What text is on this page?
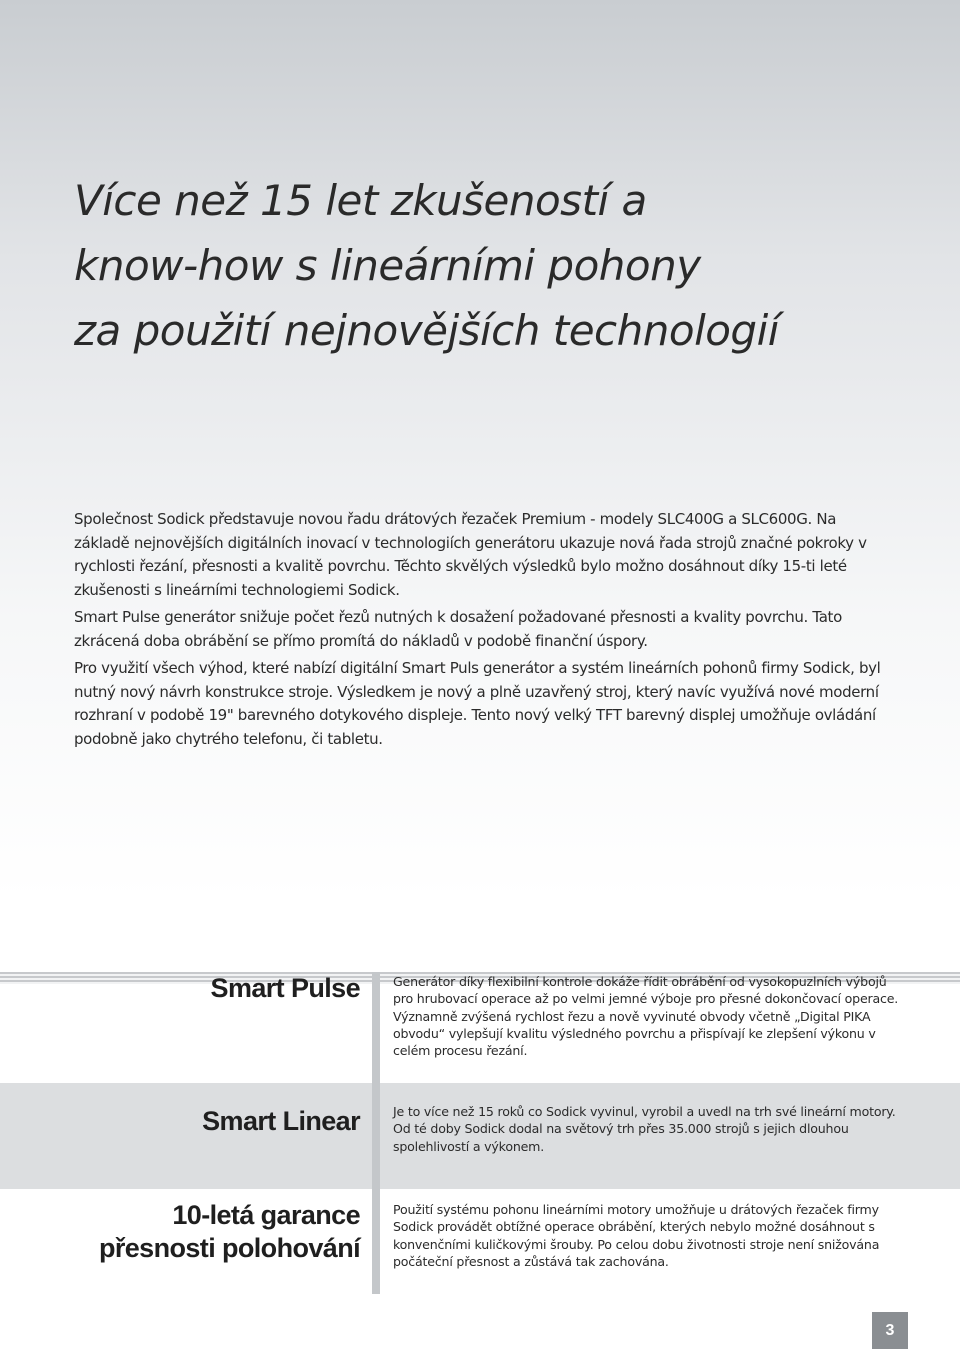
Více než 15 let zkušeností a
know-how s lineárními pohony
za použití nejnovějších technologií

Společnost Sodick představuje novou řadu drátových řezaček Premium - modely SLC400G a SLC600G. Na základě nejnovějších digitálních inovací v technologiích generátoru ukazuje nová řada strojů značné pokroky v rychlosti řezání, přesnosti a kvalitě povrchu. Těchto skvělých výsledků bylo možno dosáhnout díky 15-ti leté zkušenosti s lineárními technologiemi Sodick.

Smart Pulse generátor snižuje počet řezů nutných k dosažení požadované přesnosti a kvality povrchu. Tato zkrácená doba obrábění se přímo promítá do nákladů v podobě finanční úspory.

Pro využití všech výhod, které nabízí digitální Smart Puls generátor a systém lineárních pohonů firmy Sodick, byl nutný nový návrh konstrukce stroje. Výsledkem je nový a plně uzavřený stroj, který navíc využívá nové moderní rozhraní v podobě 19" barevného dotykového displeje. Tento nový velký TFT barevný displej umožňuje ovládání podobně jako chytrého telefonu, či tabletu.

Smart Pulse	Generátor díky flexibilní kontrole dokáže řídit obrábění od vysokopuzlních výbojů pro hrubovací operace až po velmi jemné výboje pro přesné dokončovací operace. Významně zvýšená rychlost řezu a nově vyvinuté obvody včetně „Digital PIKA obvodu“ vylepšují kvalitu výsledného povrchu a přispívají ke zlepšení výkonu v celém procesu řezání.
Smart Linear	Je to více než 15 roků co Sodick vyvinul, vyrobil a uvedl na trh své lineární motory. Od té doby Sodick dodal na světový trh přes 35.000 strojů s jejich dlouhou spolehlivostí a výkonem.
10-letá garance
přesnosti polohování
Použití systému pohonu lineárními motory umožňuje u drátových řezaček firmy Sodick provádět obtížné operace obrábění, kterých nebylo možné dosáhnout s konvenčními kuličkovými šrouby. Po celou dobu životnosti stroje není snižována počáteční přesnost a zůstává tak zachována.
3
